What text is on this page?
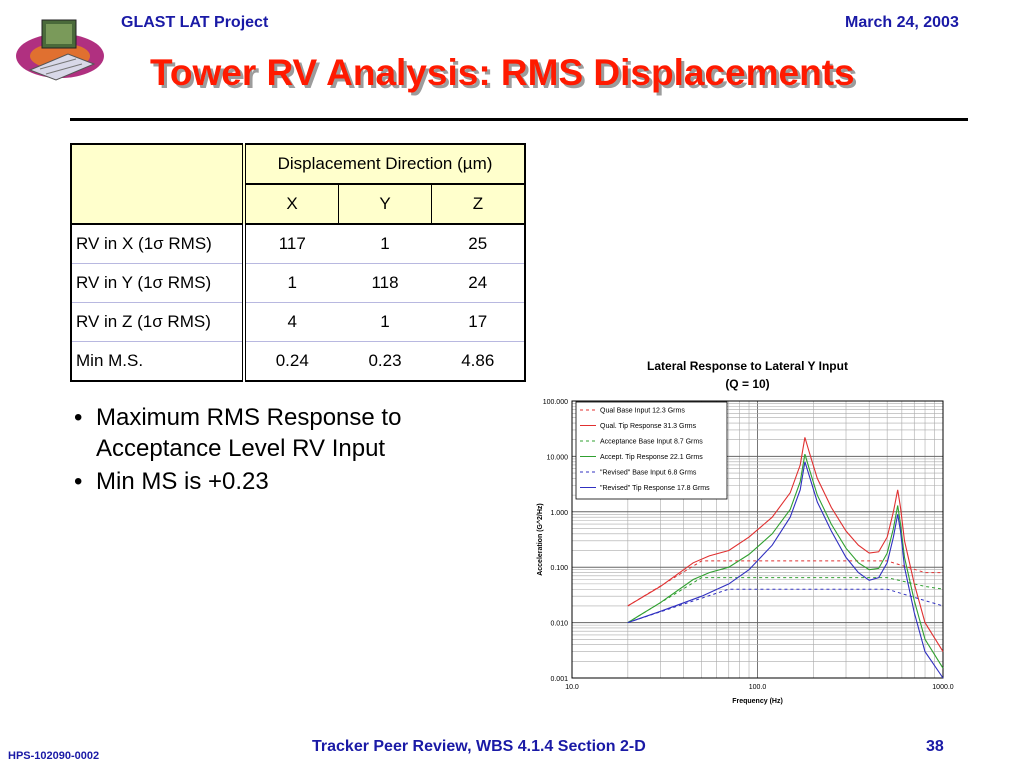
GLAST LAT Project	March 24, 2003
Tower RV Analysis: RMS Displacements
	Displacement Direction (µm)		
	X	Y	Z
RV in X (1σ RMS)	117	1	25
RV in Y (1σ RMS)	1	118	24
RV in Z (1σ RMS)	4	1	17
Min M.S.	0.24	0.23	4.86
• Maximum RMS Response to Acceptance Level RV Input
• Min MS is +0.23
Lateral Response to Lateral Y Input
(Q = 10)
0.001
0.010
0.100
1.000
10.000
100.000
10.0	100.0	1000.0
Frequency (Hz)
Acceleration (G^2/Hz)
Qual Base Input 12.3 Grms
Qual. Tip Response 31.3 Grms
Acceptance Base Input 8.7 Grms
Accept. Tip Response 22.1 Grms
"Revised" Base Input 6.8 Grms
"Revised" Tip Response 17.8 Grms
HPS-102090-0002
Tracker Peer Review, WBS 4.1.4 Section 2-D	38
